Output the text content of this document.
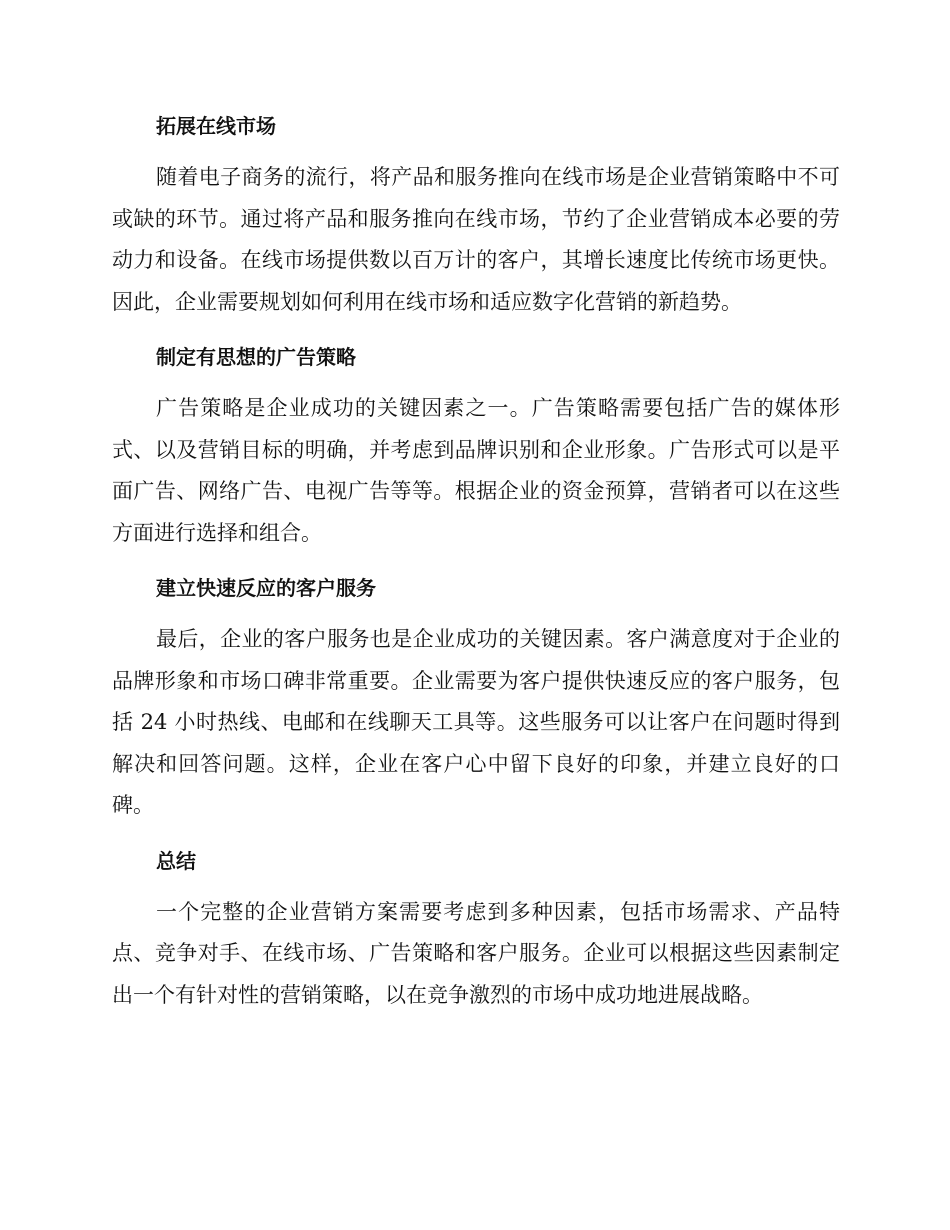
拓展在线市场

随着电子商务的流行，将产品和服务推向在线市场是企业营销策略中不可或缺的环节。通过将产品和服务推向在线市场，节约了企业营销成本必要的劳动力和设备。在线市场提供数以百万计的客户，其增长速度比传统市场更快。因此，企业需要规划如何利用在线市场和适应数字化营销的新趋势。

制定有思想的广告策略

广告策略是企业成功的关键因素之一。广告策略需要包括广告的媒体形式、以及营销目标的明确，并考虑到品牌识别和企业形象。广告形式可以是平面广告、网络广告、电视广告等等。根据企业的资金预算，营销者可以在这些方面进行选择和组合。

建立快速反应的客户服务

最后，企业的客户服务也是企业成功的关键因素。客户满意度对于企业的品牌形象和市场口碑非常重要。企业需要为客户提供快速反应的客户服务，包括 24 小时热线、电邮和在线聊天工具等。这些服务可以让客户在问题时得到解决和回答问题。这样，企业在客户心中留下良好的印象，并建立良好的口碑。

总结

一个完整的企业营销方案需要考虑到多种因素，包括市场需求、产品特点、竞争对手、在线市场、广告策略和客户服务。企业可以根据这些因素制定出一个有针对性的营销策略，以在竞争激烈的市场中成功地进展战略。
